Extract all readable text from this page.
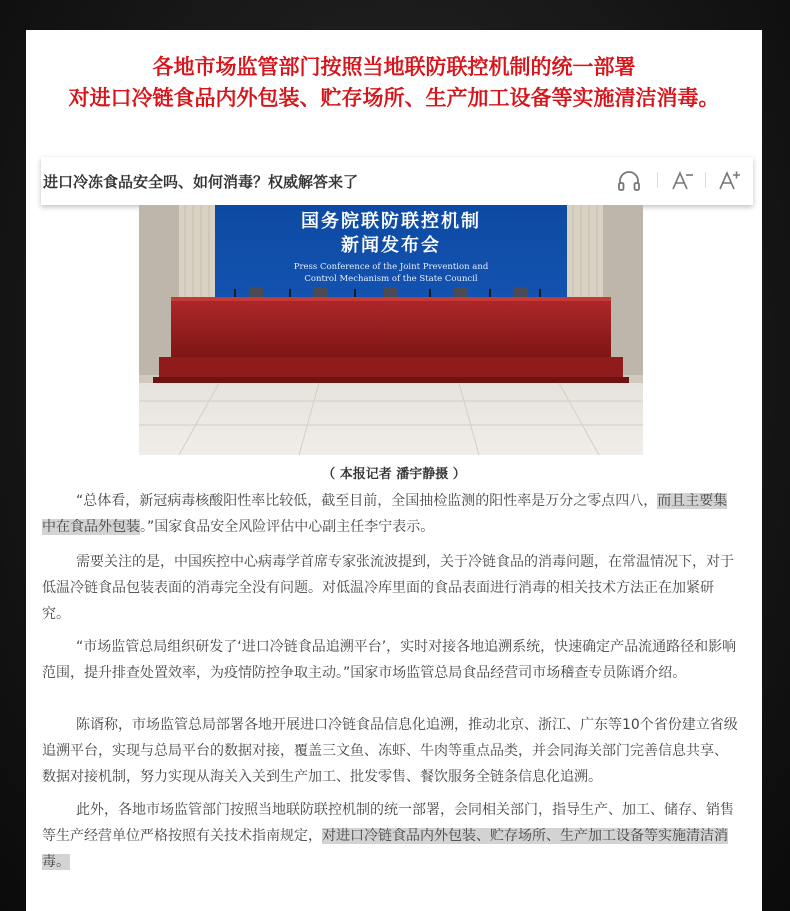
各地市场监管部门按照当地联防联控机制的统一部署
对进口冷链食品内外包装、贮存场所、生产加工设备等实施清洁消毒。
进口冷冻食品安全吗、如何消毒？权威解答来了
国务院联防联控机制
新闻发布会
Press Conference of the Joint Prevention and
Control Mechanism of the State Council
（ 本报记者 潘宇静摄 ）

“总体看，新冠病毒核酸阳性率比较低，截至目前，全国抽检监测的阳性率是万分之零点四八，而且主要集中在食品外包装。”国家食品安全风险评估中心副主任李宁表示。

需要关注的是，中国疾控中心病毒学首席专家张流波提到，关于冷链食品的消毒问题，在常温情况下，对于低温冷链食品包装表面的消毒完全没有问题。对低温冷库里面的食品表面进行消毒的相关技术方法正在加紧研究。

“市场监管总局组织研发了‘进口冷链食品追溯平台’，实时对接各地追溯系统，快速确定产品流通路径和影响范围，提升排查处置效率，为疫情防控争取主动。”国家市场监管总局食品经营司市场稽查专员陈谞介绍。

陈谞称，市场监管总局部署各地开展进口冷链食品信息化追溯，推动北京、浙江、广东等10个省份建立省级追溯平台，实现与总局平台的数据对接，覆盖三文鱼、冻虾、牛肉等重点品类，并会同海关部门完善信息共享、数据对接机制，努力实现从海关入关到生产加工、批发零售、餐饮服务全链条信息化追溯。

此外，各地市场监管部门按照当地联防联控机制的统一部署，会同相关部门，指导生产、加工、储存、销售等生产经营单位严格按照有关技术指南规定，对进口冷链食品内外包装、贮存场所、生产加工设备等实施清洁消毒。
